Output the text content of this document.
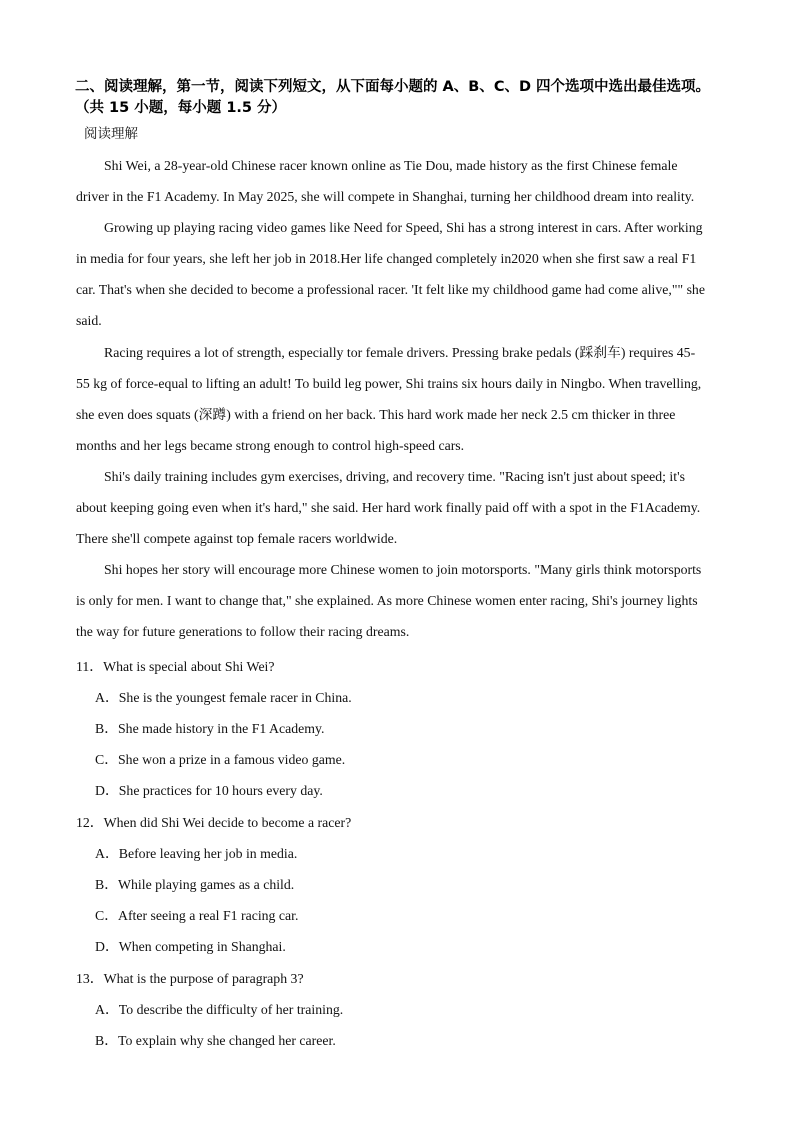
二、阅读理解，第一节，阅读下列短文，从下面每小题的 A、B、C、D 四个选项中选出最佳选项。
（共 15 小题，每小题 1.5 分）
阅读理解

Shi Wei, a 28-year-old Chinese racer known online as Tie Dou, made history as the first Chinese female
driver in the F1 Academy. In May 2025, she will compete in Shanghai, turning her childhood dream into reality.

Growing up playing racing video games like Need for Speed, Shi has a strong interest in cars. After working
in media for four years, she left her job in 2018.Her life changed completely in2020 when she first saw a real F1
car. That's when she decided to become a professional racer. 'It felt like my childhood game had come alive,"" she
said.

Racing requires a lot of strength, especially tor female drivers. Pressing brake pedals (踩刹车) requires 45-
55 kg of force-equal to lifting an adult! To build leg power, Shi trains six hours daily in Ningbo. When travelling,
she even does squats (深蹲) with a friend on her back. This hard work made her neck 2.5 cm thicker in three
months and her legs became strong enough to control high-speed cars.

Shi's daily training includes gym exercises, driving, and recovery time. "Racing isn't just about speed; it's
about keeping going even when it's hard," she said. Her hard work finally paid off with a spot in the F1Academy.
There she'll compete against top female racers worldwide.

Shi hopes her story will encourage more Chinese women to join motorsports. "Many girls think motorsports
is only for men. I want to change that," she explained. As more Chinese women enter racing, Shi's journey lights
the way for future generations to follow their racing dreams.

11．What is special about Shi Wei?
A．She is the youngest female racer in China.
B．She made history in the F1 Academy.
C．She won a prize in a famous video game.
D．She practices for 10 hours every day.
12．When did Shi Wei decide to become a racer?
A．Before leaving her job in media.
B．While playing games as a child.
C．After seeing a real F1 racing car.
D．When competing in Shanghai.
13．What is the purpose of paragraph 3?
A．To describe the difficulty of her training.
B．To explain why she changed her career.
